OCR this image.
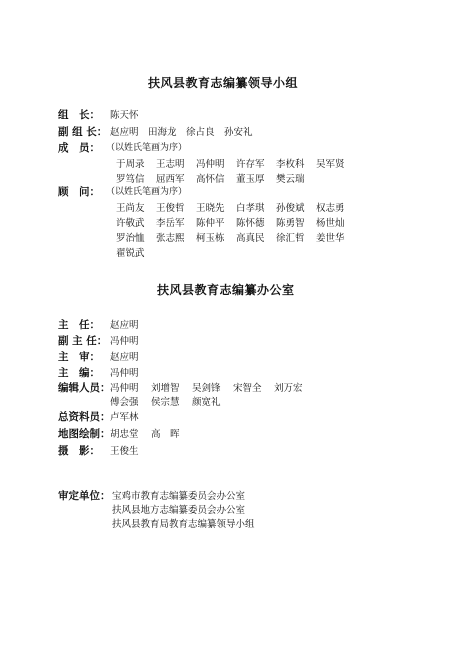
扶风县教育志编纂领导小组
组　长： 陈天怀
副 组 长： 赵应明 田海龙 徐占良 孙安礼
成　员： （以姓氏笔画为序）
于周录 王志明 冯仲明 许存军 李枚科 吴军贤
罗笃信 屈西军 高怀信 董玉厚 樊云瑞
顾　问： （以姓氏笔画为序）
王尚友 王俊哲 王晓先 白孝琪 孙俊斌 权志勇
许敬武 李岳军 陈仲平 陈怀德 陈勇智 杨世灿
罗治恤 张志熙 柯玉栋 高真民 徐汇哲 姜世华
翟锐武
扶风县教育志编纂办公室
主　任： 赵应明
副 主 任： 冯仲明
主　审： 赵应明
主　编： 冯仲明
编辑人员： 冯仲明 刘增智 吴剑锋 宋智全 刘万宏
傅会强 侯宗慧 颜宽礼
总资料员： 卢军林
地图绘制： 胡忠堂 高　晖
摄　影： 王俊生
审定单位： 宝鸡市教育志编纂委员会办公室
扶风县地方志编纂委员会办公室
扶风县教育局教育志编纂领导小组
